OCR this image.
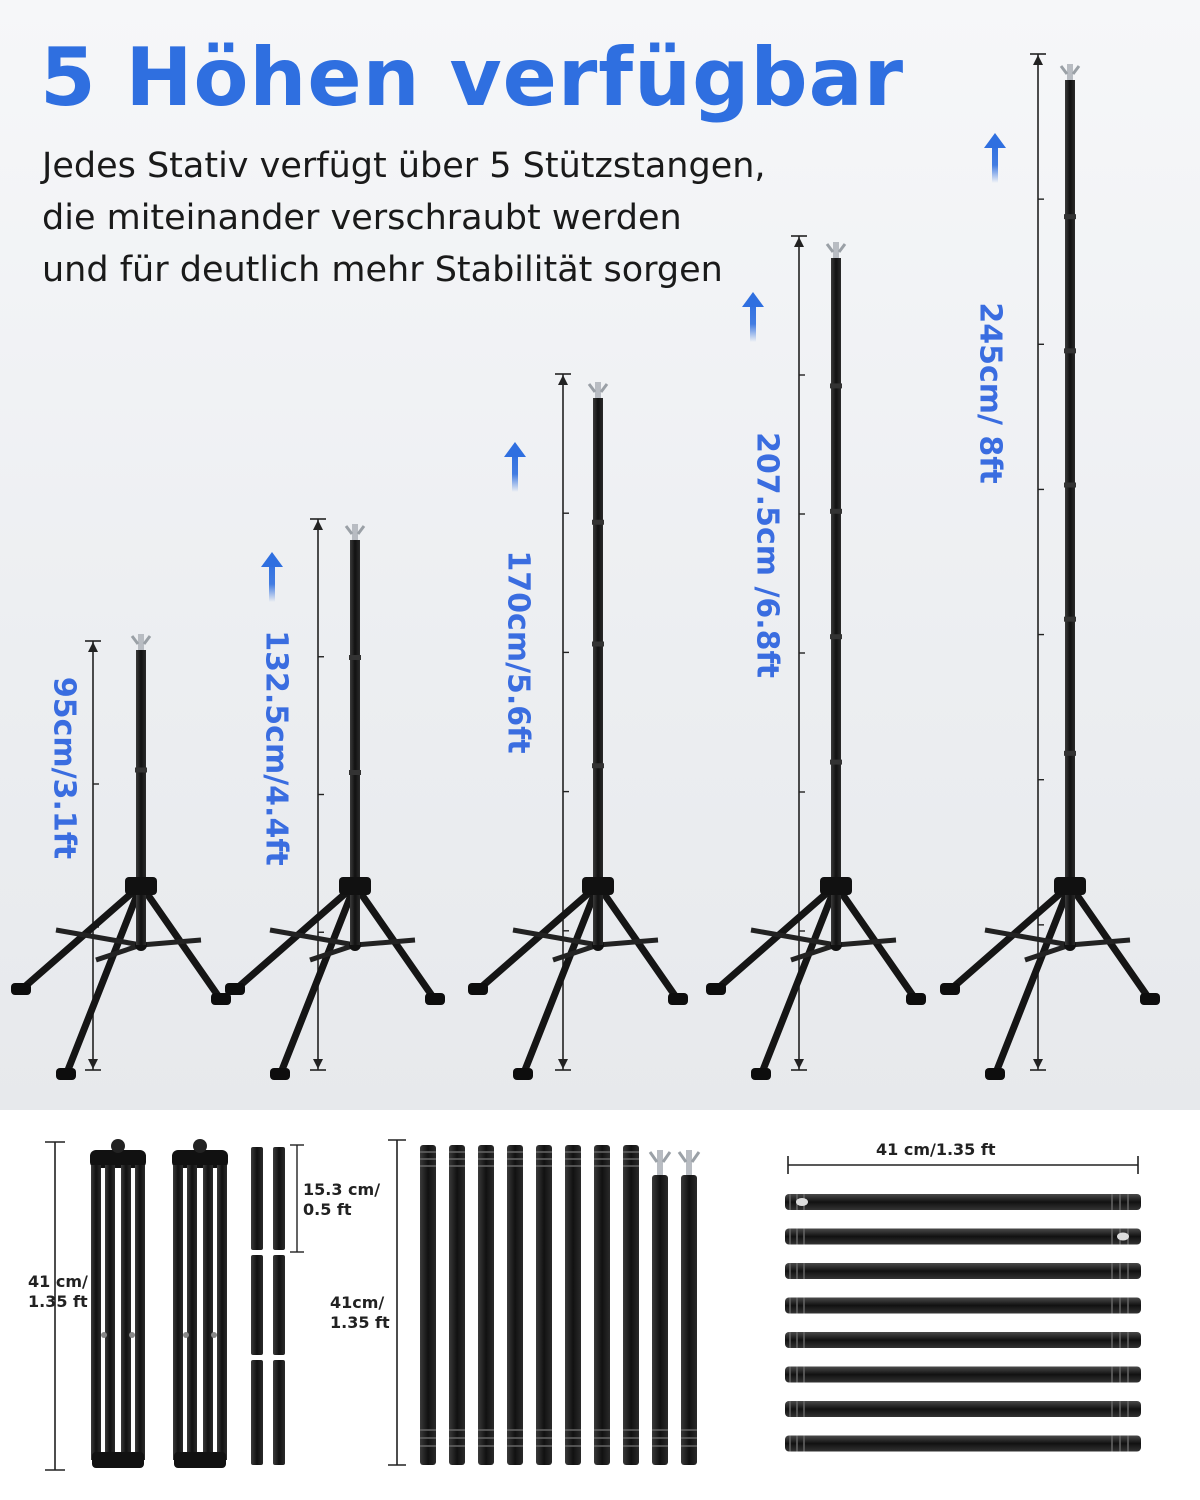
5 Höhen verfügbar
Jedes Stativ verfügt über 5 Stützstangen,
die miteinander verschraubt werden
und für deutlich mehr Stabilität sorgen
95cm/3.1ft	132.5cm/4.4ft	170cm/5.6ft	207.5cm /6.8ft
245cm/ 8ft
41 cm/
1.35 ft
15.3 cm/
0.5 ft
41cm/
1.35 ft
41 cm/1.35 ft
